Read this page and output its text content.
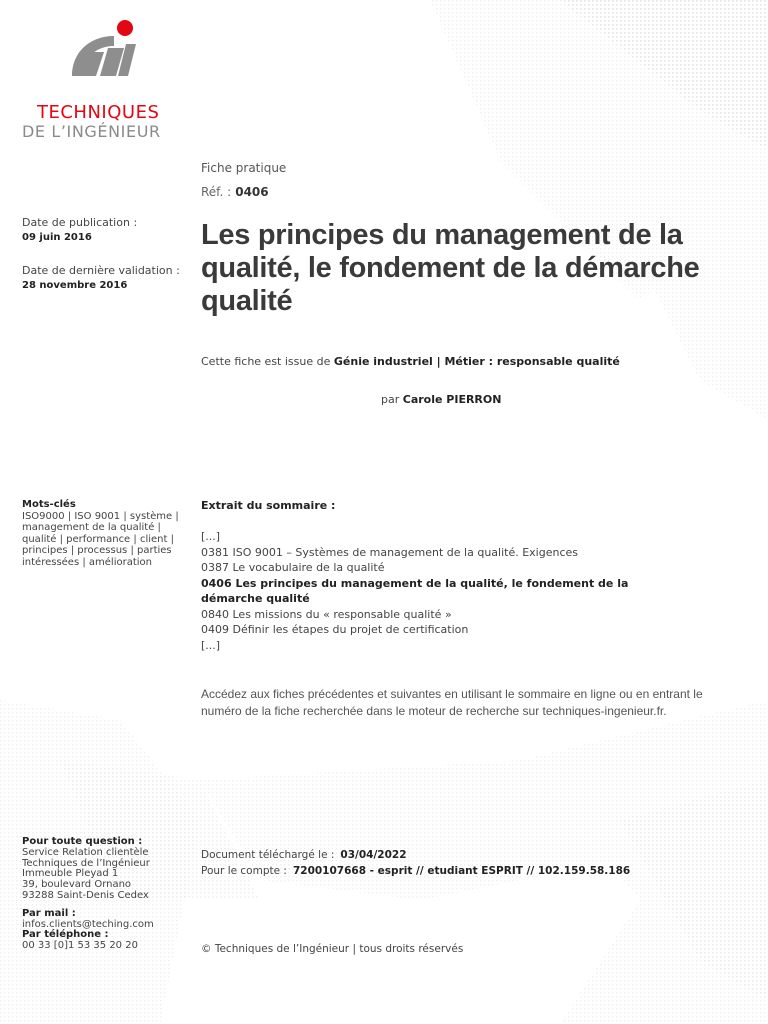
TECHNIQUES
DE L’INGÉNIEUR
Fiche pratique
Réf. : 0406
Date de publication :
09 juin 2016
Date de dernière validation :
28 novembre 2016
Les principes du management de la qualité, le fondement de la démarche qualité
Cette fiche est issue de Génie industriel | Métier : responsable qualité
par Carole PIERRON
Mots-clés
ISO9000 | ISO 9001 | système | management de la qualité | qualité | performance | client | principes | processus | parties intéressées | amélioration
Extrait du sommaire :
[...]
0381 ISO 9001 – Systèmes de management de la qualité. Exigences
0387 Le vocabulaire de la qualité
0406 Les principes du management de la qualité, le fondement de la démarche qualité
0840 Les missions du « responsable qualité »
0409 Définir les étapes du projet de certification
[...]
Accédez aux fiches précédentes et suivantes en utilisant le sommaire en ligne ou en entrant le numéro de la fiche recherchée dans le moteur de recherche sur techniques-ingenieur.fr.
Pour toute question :
Service Relation clientèle
Techniques de l’Ingénieur
Immeuble Pleyad 1
39, boulevard Ornano
93288 Saint-Denis Cedex
Par mail :
infos.clients@teching.com
Par téléphone :
00 33 [0]1 53 35 20 20
Document téléchargé le : 03/04/2022
Pour le compte : 7200107668 - esprit // etudiant ESPRIT // 102.159.58.186
© Techniques de l’Ingénieur | tous droits réservés
